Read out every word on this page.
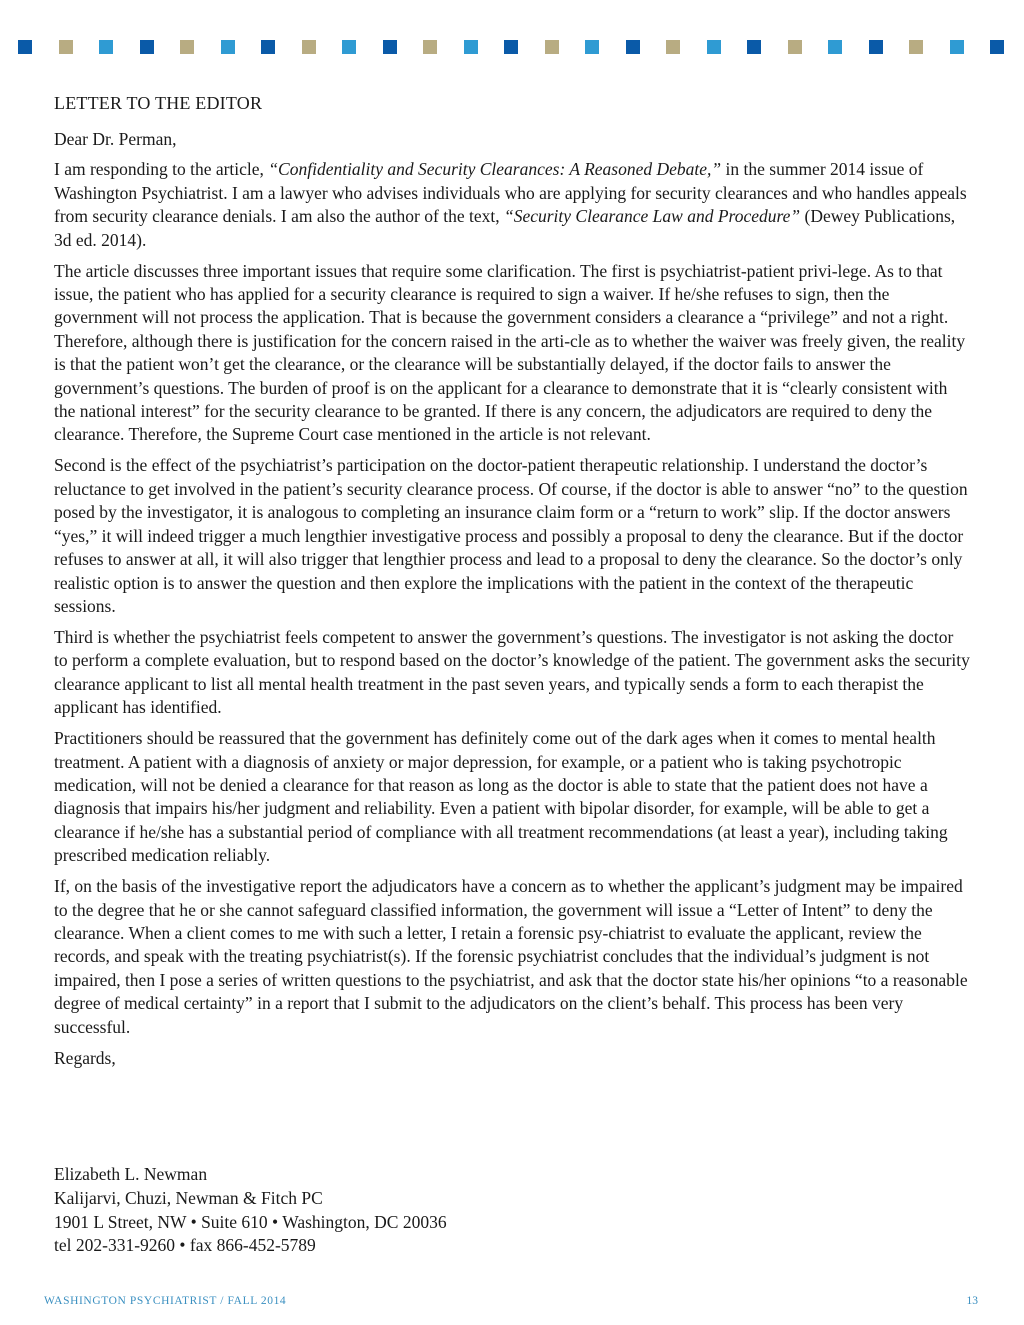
LETTER TO THE EDITOR
Dear Dr. Perman,

I am responding to the article, “Confidentiality and Security Clearances: A Reasoned Debate,” in the summer 2014 issue of Washington Psychiatrist. I am a lawyer who advises individuals who are applying for security clearances and who handles appeals from security clearance denials. I am also the author of the text, “Security Clearance Law and Procedure” (Dewey Publications, 3d ed. 2014).

The article discusses three important issues that require some clarification. The first is psychiatrist-patient privi-lege. As to that issue, the patient who has applied for a security clearance is required to sign a waiver. If he/she refuses to sign, then the government will not process the application. That is because the government considers a clearance a “privilege” and not a right. Therefore, although there is justification for the concern raised in the arti-cle as to whether the waiver was freely given, the reality is that the patient won’t get the clearance, or the clearance will be substantially delayed, if the doctor fails to answer the government’s questions. The burden of proof is on the applicant for a clearance to demonstrate that it is “clearly consistent with the national interest” for the security clearance to be granted. If there is any concern, the adjudicators are required to deny the clearance. Therefore, the Supreme Court case mentioned in the article is not relevant.

Second is the effect of the psychiatrist’s participation on the doctor-patient therapeutic relationship. I understand the doctor’s reluctance to get involved in the patient’s security clearance process. Of course, if the doctor is able to answer “no” to the question posed by the investigator, it is analogous to completing an insurance claim form or a “return to work” slip. If the doctor answers “yes,” it will indeed trigger a much lengthier investigative process and possibly a proposal to deny the clearance. But if the doctor refuses to answer at all, it will also trigger that lengthier process and lead to a proposal to deny the clearance. So the doctor’s only realistic option is to answer the question and then explore the implications with the patient in the context of the therapeutic sessions.

Third is whether the psychiatrist feels competent to answer the government’s questions. The investigator is not asking the doctor to perform a complete evaluation, but to respond based on the doctor’s knowledge of the patient. The government asks the security clearance applicant to list all mental health treatment in the past seven years, and typically sends a form to each therapist the applicant has identified.

Practitioners should be reassured that the government has definitely come out of the dark ages when it comes to mental health treatment. A patient with a diagnosis of anxiety or major depression, for example, or a patient who is taking psychotropic medication, will not be denied a clearance for that reason as long as the doctor is able to state that the patient does not have a diagnosis that impairs his/her judgment and reliability. Even a patient with bipolar disorder, for example, will be able to get a clearance if he/she has a substantial period of compliance with all treatment recommendations (at least a year), including taking prescribed medication reliably.

If, on the basis of the investigative report the adjudicators have a concern as to whether the applicant’s judgment may be impaired to the degree that he or she cannot safeguard classified information, the government will issue a “Letter of Intent” to deny the clearance. When a client comes to me with such a letter, I retain a forensic psy-chiatrist to evaluate the applicant, review the records, and speak with the treating psychiatrist(s). If the forensic psychiatrist concludes that the individual’s judgment is not impaired, then I pose a series of written questions to the psychiatrist, and ask that the doctor state his/her opinions “to a reasonable degree of medical certainty” in a report that I submit to the adjudicators on the client’s behalf. This process has been very successful.

Regards,
Elizabeth L. Newman
Kalijarvi, Chuzi, Newman & Fitch PC
1901 L Street, NW • Suite 610 • Washington, DC 20036
tel 202-331-9260 • fax 866-452-5789
WASHINGTON PSYCHIATRIST / FALL 2014	13
